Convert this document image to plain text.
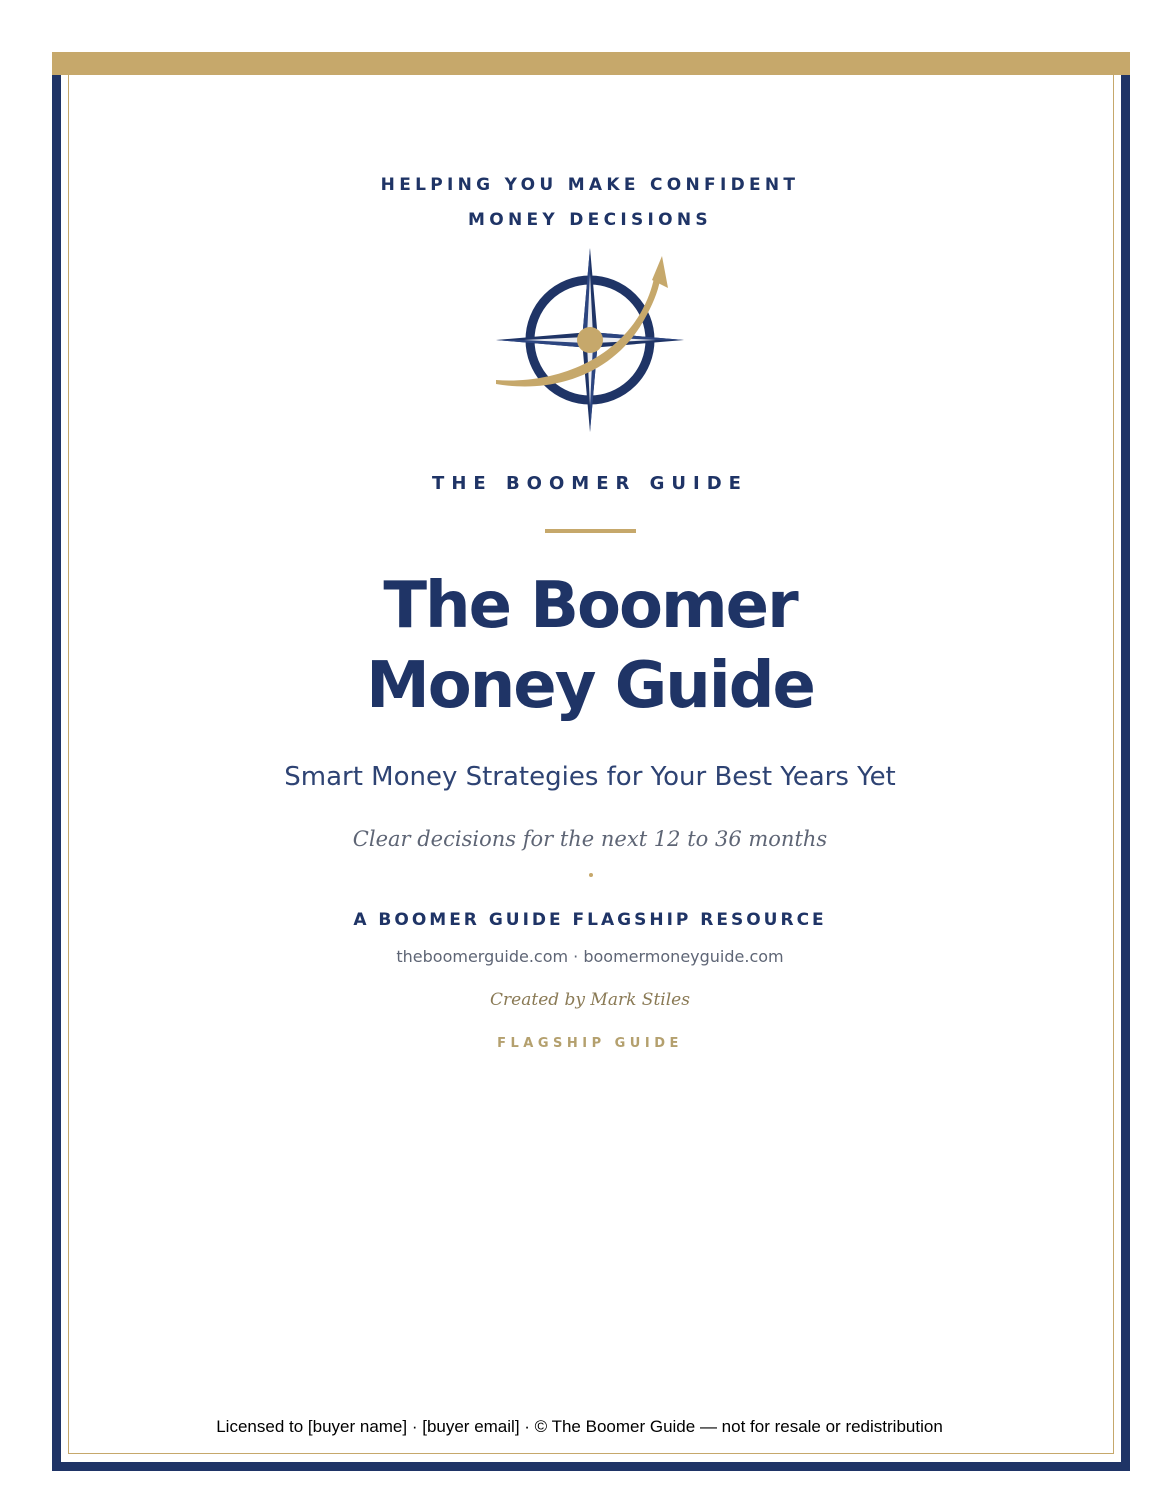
HELPING YOU MAKE CONFIDENT
MONEY DECISIONS

THE BOOMER GUIDE

The Boomer
Money Guide

Smart Money Strategies for Your Best Years Yet

Clear decisions for the next 12 to 36 months

A BOOMER GUIDE FLAGSHIP RESOURCE

theboomerguide.com · boomermoneyguide.com

Created by Mark Stiles

FLAGSHIP GUIDE

Licensed to [buyer name] · [buyer email] · © The Boomer Guide — not for resale or redistribution
